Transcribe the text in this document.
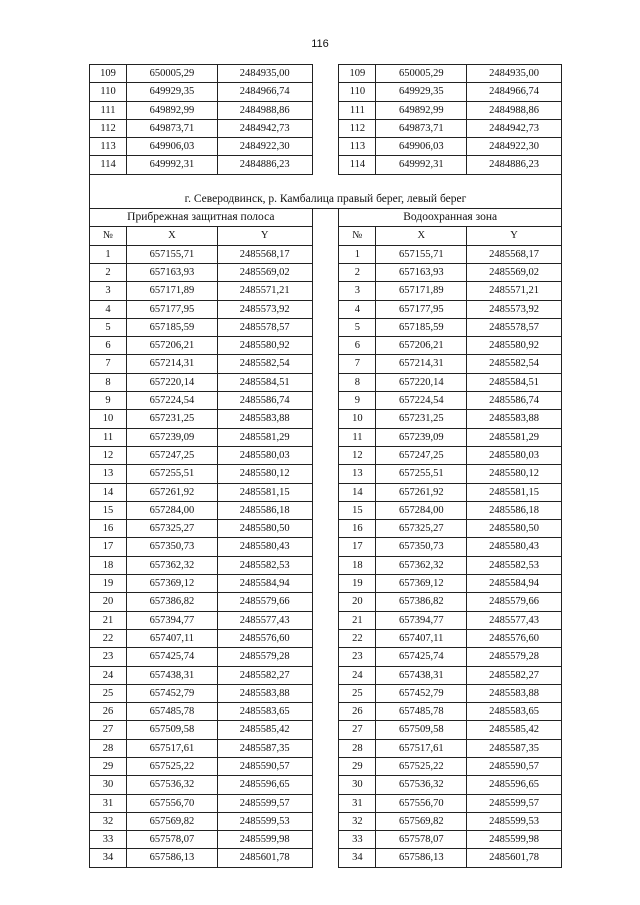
116
109	650005,29	2484935,00		109	650005,29	2484935,00
110	649929,35	2484966,74		110	649929,35	2484966,74
111	649892,99	2484988,86		111	649892,99	2484988,86
112	649873,71	2484942,73		112	649873,71	2484942,73
113	649906,03	2484922,30		113	649906,03	2484922,30
114	649992,31	2484886,23		114	649992,31	2484886,23

г. Северодвинск, р. Камбалица правый берег, левый берег						
Прибрежная защитная полоса				Водоохранная зона		
№	X	Y		№	X	Y
1	657155,71	2485568,17		1	657155,71	2485568,17
2	657163,93	2485569,02		2	657163,93	2485569,02
3	657171,89	2485571,21		3	657171,89	2485571,21
4	657177,95	2485573,92		4	657177,95	2485573,92
5	657185,59	2485578,57		5	657185,59	2485578,57
6	657206,21	2485580,92		6	657206,21	2485580,92
7	657214,31	2485582,54		7	657214,31	2485582,54
8	657220,14	2485584,51		8	657220,14	2485584,51
9	657224,54	2485586,74		9	657224,54	2485586,74
10	657231,25	2485583,88		10	657231,25	2485583,88
11	657239,09	2485581,29		11	657239,09	2485581,29
12	657247,25	2485580,03		12	657247,25	2485580,03
13	657255,51	2485580,12		13	657255,51	2485580,12
14	657261,92	2485581,15		14	657261,92	2485581,15
15	657284,00	2485586,18		15	657284,00	2485586,18
16	657325,27	2485580,50		16	657325,27	2485580,50
17	657350,73	2485580,43		17	657350,73	2485580,43
18	657362,32	2485582,53		18	657362,32	2485582,53
19	657369,12	2485584,94		19	657369,12	2485584,94
20	657386,82	2485579,66		20	657386,82	2485579,66
21	657394,77	2485577,43		21	657394,77	2485577,43
22	657407,11	2485576,60		22	657407,11	2485576,60
23	657425,74	2485579,28		23	657425,74	2485579,28
24	657438,31	2485582,27		24	657438,31	2485582,27
25	657452,79	2485583,88		25	657452,79	2485583,88
26	657485,78	2485583,65		26	657485,78	2485583,65
27	657509,58	2485585,42		27	657509,58	2485585,42
28	657517,61	2485587,35		28	657517,61	2485587,35
29	657525,22	2485590,57		29	657525,22	2485590,57
30	657536,32	2485596,65		30	657536,32	2485596,65
31	657556,70	2485599,57		31	657556,70	2485599,57
32	657569,82	2485599,53		32	657569,82	2485599,53
33	657578,07	2485599,98		33	657578,07	2485599,98
34	657586,13	2485601,78		34	657586,13	2485601,78
